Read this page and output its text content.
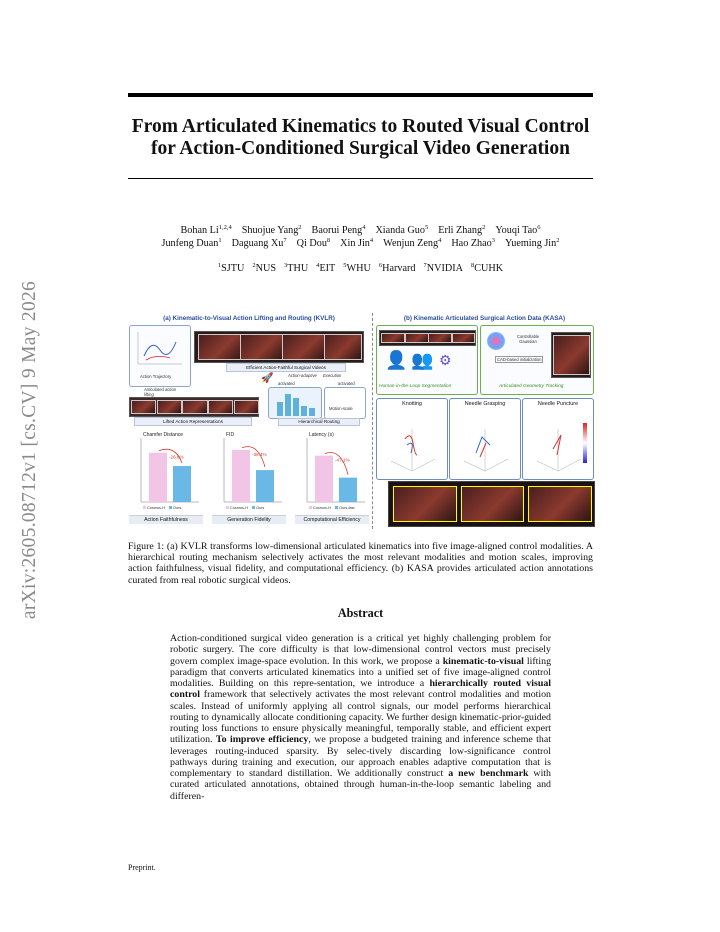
arXiv:2605.08712v1 [cs.CV] 9 May 2026
From Articulated Kinematics to Routed Visual Control
for Action-Conditioned Surgical Video Generation
Bohan Li$^{1,2,4}$ Shuojue Yang$^2$ Baorui Peng$^4$ Xianda Guo$^5$ Erli Zhang$^2$ Youqi Tao$^6$
Junfeng Duan$^1$ Daguang Xu$^7$ Qi Dou$^8$ Xin Jin$^4$ Wenjun Zeng$^4$ Hao Zhao$^3$ Yueming Jin$^2$
$^1$SJTU $^2$NUS $^3$THU $^4$EIT $^5$WHU $^6$Harvard $^7$NVIDIA $^8$CUHK
(a) Kinematic-to-Visual Action Lifting and Routing (KVLR)
Action Trajectory
Articulated action lifting
Efficient Action-Faithful Surgical Videos
Action-adaptive Execution
🚀 activated	activated
Motion-scale
Lifted Action Representations	Hierarchical Routing
Chamfer Distance
-26.6%
Cosmos-H Ours
Action Faithfulness
FID
-38.4%
Cosmos-H Ours
Generation Fidelity
Latency (s)
-47.1%
Cosmos-H Ours-fast
Computational Efficiency
(b) Kinematic Articulated Surgical Action Data (KASA)
👤 👥 ⚙
Human-in-the-Loop Segmentation
Controllable Gaussian
CAD-based initialization
Articulated Geometry Tracking
Knotting	Needle Grasping	Needle Puncture
Figure 1: (a) KVLR transforms low-dimensional articulated kinematics into five image-aligned control modalities. A hierarchical routing mechanism selectively activates the most relevant modalities and motion scales, improving action faithfulness, visual fidelity, and computational efficiency. (b) KASA provides articulated action annotations curated from real robotic surgical videos.
Abstract

Action-conditioned surgical video generation is a critical yet highly challenging problem for robotic surgery. The core difficulty is that low-dimensional control vectors must precisely govern complex image-space evolution. In this work, we propose a kinematic-to-visual lifting paradigm that converts articulated kinematics into a unified set of five image-aligned control modalities. Building on this repre-sentation, we introduce a hierarchically routed visual control framework that selectively activates the most relevant control modalities and motion scales. Instead of uniformly applying all control signals, our model performs hierarchical routing to dynamically allocate conditioning capacity. We further design kinematic-prior-guided routing loss functions to ensure physically meaningful, temporally stable, and efficient expert utilization. To improve efficiency, we propose a budgeted training and inference scheme that leverages routing-induced sparsity. By selec-tively discarding low-significance control pathways during training and execution, our approach enables adaptive computation that is complementary to standard distillation. We additionally construct a new benchmark with curated articulated annotations, obtained through human-in-the-loop semantic labeling and differen-

Preprint.
